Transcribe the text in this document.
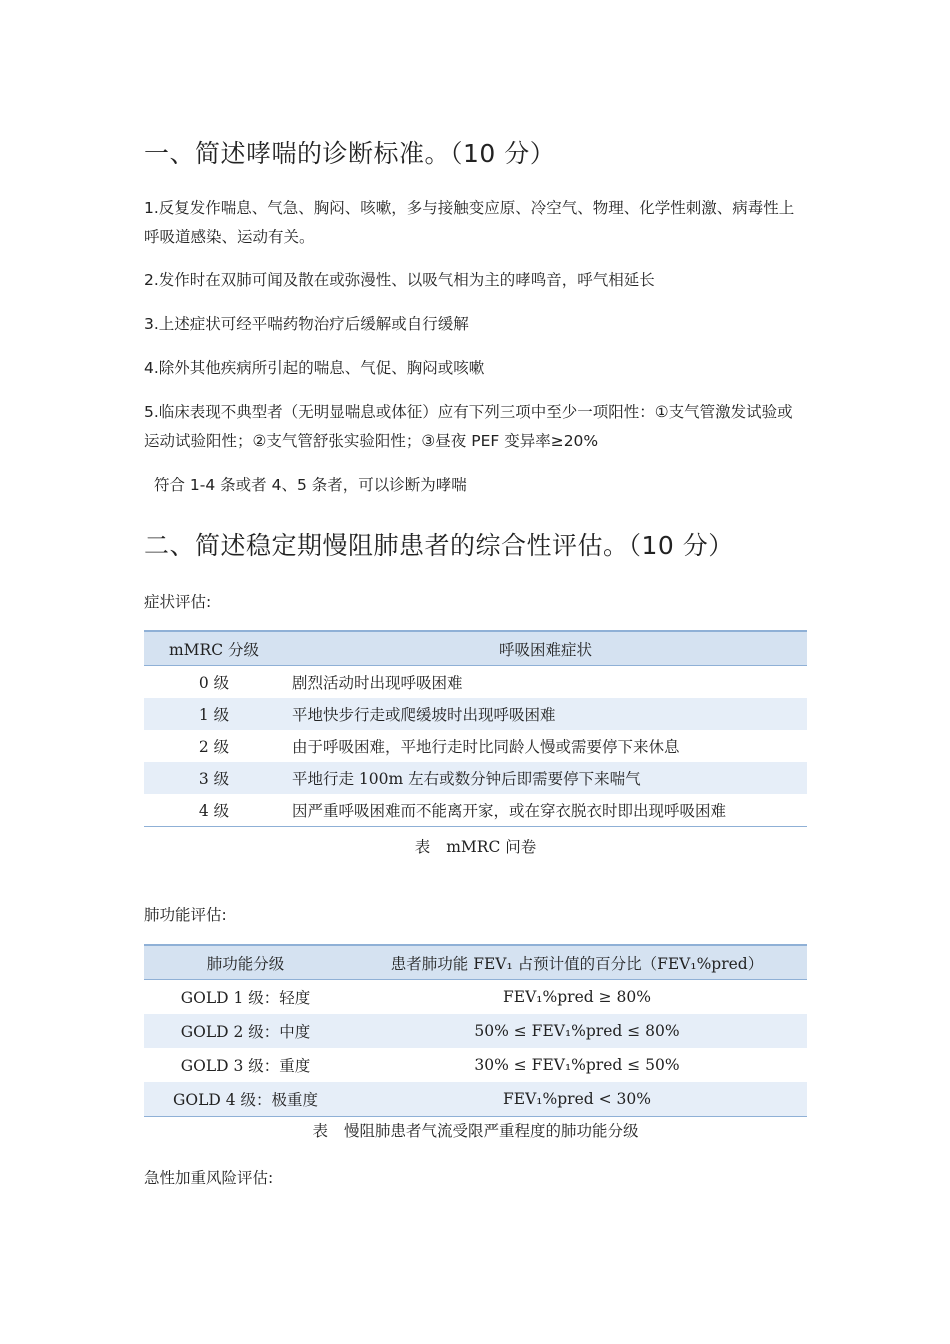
一、简述哮喘的诊断标准。（10 分）
1.反复发作喘息、气急、胸闷、咳嗽，多与接触变应原、冷空气、物理、化学性刺激、病毒性上呼吸道感染、运动有关。
2.发作时在双肺可闻及散在或弥漫性、以吸气相为主的哮鸣音，呼气相延长
3.上述症状可经平喘药物治疗后缓解或自行缓解
4.除外其他疾病所引起的喘息、气促、胸闷或咳嗽
5.临床表现不典型者（无明显喘息或体征）应有下列三项中至少一项阳性：①支气管激发试验或运动试验阳性；②支气管舒张实验阳性；③昼夜 PEF 变异率≥20%
符合 1-4 条或者 4、5 条者，可以诊断为哮喘
二、简述稳定期慢阻肺患者的综合性评估。（10 分）
症状评估:
mMRC 分级	呼吸困难症状
0 级	剧烈活动时出现呼吸困难
1 级	平地快步行走或爬缓坡时出现呼吸困难
2 级	由于呼吸困难，平地行走时比同龄人慢或需要停下来休息
3 级	平地行走 100m 左右或数分钟后即需要停下来喘气
4 级	因严重呼吸困难而不能离开家，或在穿衣脱衣时即出现呼吸困难
表 mMRC 问卷
肺功能评估:
肺功能分级	患者肺功能 FEV₁ 占预计值的百分比（FEV₁%pred）
GOLD 1 级：轻度	FEV₁%pred ≥ 80%
GOLD 2 级：中度	50% ≤ FEV₁%pred ≤ 80%
GOLD 3 级：重度	30% ≤ FEV₁%pred ≤ 50%
GOLD 4 级：极重度	FEV₁%pred < 30%
表 慢阻肺患者气流受限严重程度的肺功能分级
急性加重风险评估:
